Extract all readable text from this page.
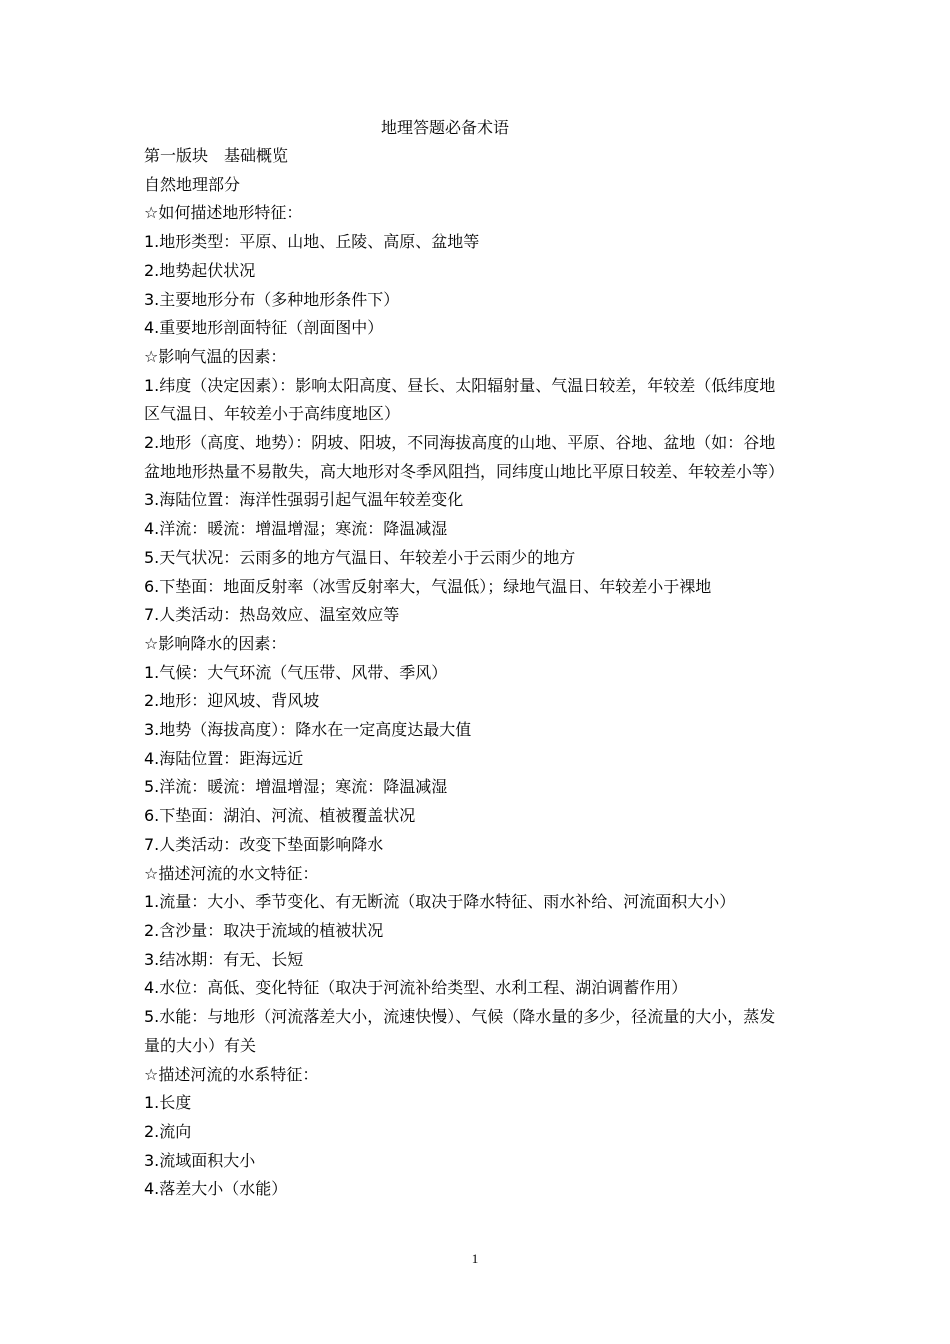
地理答题必备术语

第一版块　基础概览

自然地理部分

☆如何描述地形特征：

1.地形类型：平原、山地、丘陵、高原、盆地等

2.地势起伏状况

3.主要地形分布（多种地形条件下）

4.重要地形剖面特征（剖面图中）

☆影响气温的因素：

1.纬度（决定因素）：影响太阳高度、昼长、太阳辐射量、气温日较差，年较差（低纬度地

区气温日、年较差小于高纬度地区）

2.地形（高度、地势）：阴坡、阳坡，不同海拔高度的山地、平原、谷地、盆地（如：谷地

盆地地形热量不易散失，高大地形对冬季风阻挡，同纬度山地比平原日较差、年较差小等）

3.海陆位置：海洋性强弱引起气温年较差变化

4.洋流：暖流：增温增湿；寒流：降温减湿

5.天气状况：云雨多的地方气温日、年较差小于云雨少的地方

6.下垫面：地面反射率（冰雪反射率大，气温低）；绿地气温日、年较差小于裸地

7.人类活动：热岛效应、温室效应等

☆影响降水的因素：

1.气候：大气环流（气压带、风带、季风）

2.地形：迎风坡、背风坡

3.地势（海拔高度）：降水在一定高度达最大值

4.海陆位置：距海远近

5.洋流：暖流：增温增湿；寒流：降温减湿

6.下垫面：湖泊、河流、植被覆盖状况

7.人类活动：改变下垫面影响降水

☆描述河流的水文特征：

1.流量：大小、季节变化、有无断流（取决于降水特征、雨水补给、河流面积大小）

2.含沙量：取决于流域的植被状况

3.结冰期：有无、长短

4.水位：高低、变化特征（取决于河流补给类型、水利工程、湖泊调蓄作用）

5.水能：与地形（河流落差大小，流速快慢）、气候（降水量的多少，径流量的大小，蒸发

量的大小）有关

☆描述河流的水系特征：

1.长度

2.流向

3.流域面积大小

4.落差大小（水能）

1
